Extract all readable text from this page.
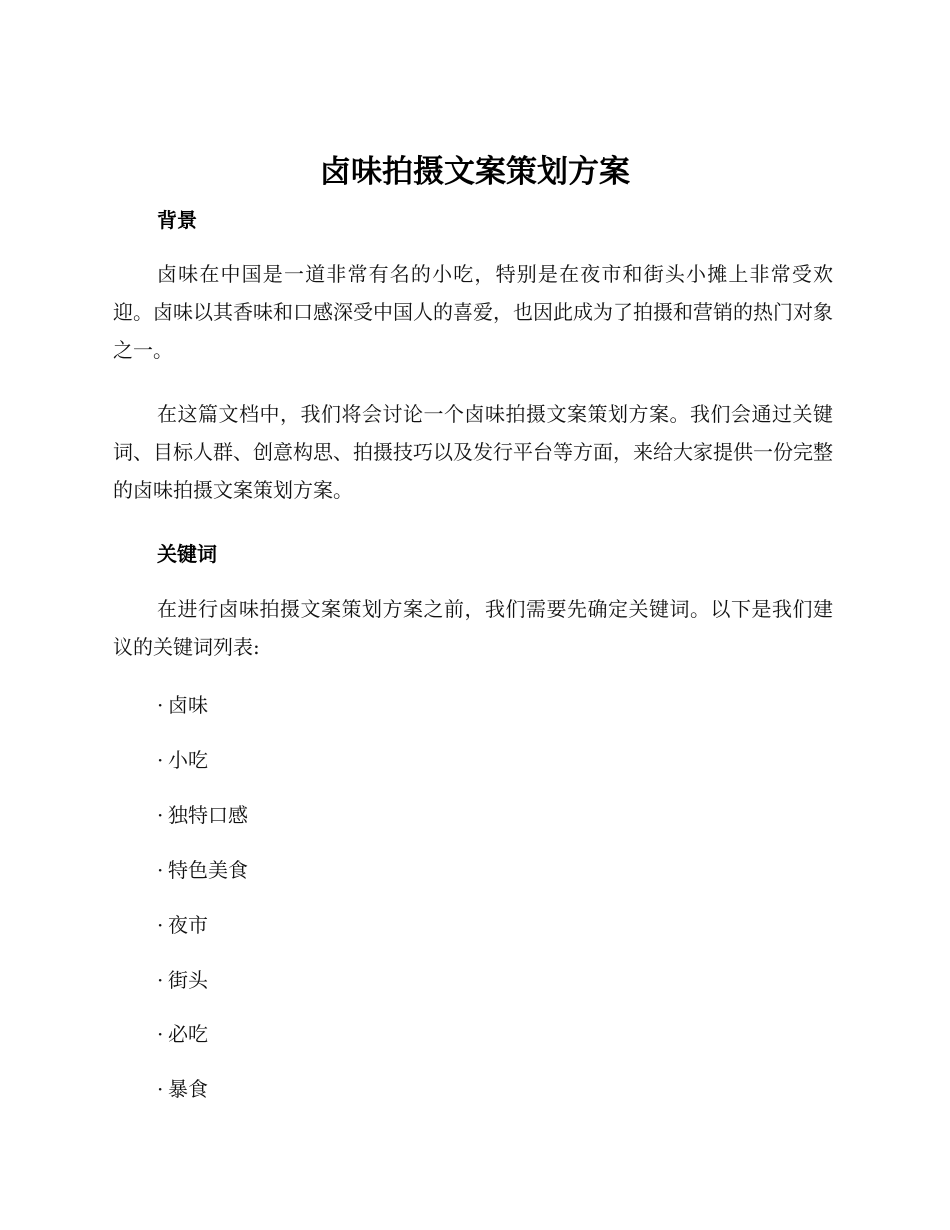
卤味拍摄文案策划方案
背景

卤味在中国是一道非常有名的小吃，特别是在夜市和街头小摊上非常受欢迎。卤味以其香味和口感深受中国人的喜爱，也因此成为了拍摄和营销的热门对象之一。

在这篇文档中，我们将会讨论一个卤味拍摄文案策划方案。我们会通过关键词、目标人群、创意构思、拍摄技巧以及发行平台等方面，来给大家提供一份完整的卤味拍摄文案策划方案。

关键词

在进行卤味拍摄文案策划方案之前，我们需要先确定关键词。以下是我们建议的关键词列表:

· 卤味
· 小吃
· 独特口感
· 特色美食
· 夜市
· 街头
· 必吃
· 暴食
